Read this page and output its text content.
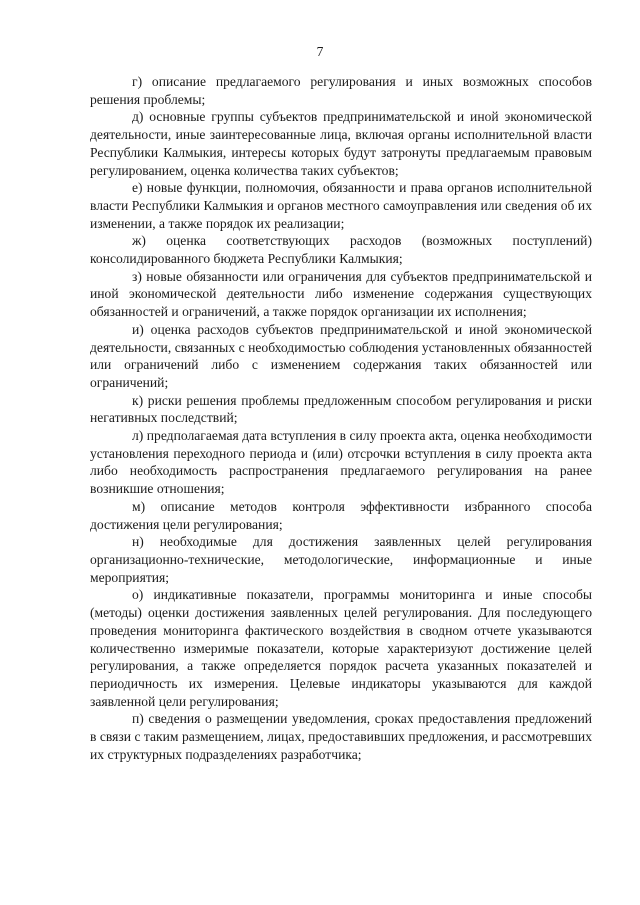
7

г) описание предлагаемого регулирования и иных возможных способов решения проблемы;

д) основные группы субъектов предпринимательской и иной экономической деятельности, иные заинтересованные лица, включая органы исполнительной власти Республики Калмыкия, интересы которых будут затронуты предлагаемым правовым регулированием, оценка количества таких субъектов;

е) новые функции, полномочия, обязанности и права органов исполнительной власти Республики Калмыкия и органов местного самоуправления или сведения об их изменении, а также порядок их реализации;

ж) оценка соответствующих расходов (возможных поступлений) консолидированного бюджета Республики Калмыкия;

з) новые обязанности или ограничения для субъектов предпринимательской и иной экономической деятельности либо изменение содержания существующих обязанностей и ограничений, а также порядок организации их исполнения;

и) оценка расходов субъектов предпринимательской и иной экономической деятельности, связанных с необходимостью соблюдения установленных обязанностей или ограничений либо с изменением содержания таких обязанностей или ограничений;

к) риски решения проблемы предложенным способом регулирования и риски негативных последствий;

л) предполагаемая дата вступления в силу проекта акта, оценка необходимости установления переходного периода и (или) отсрочки вступления в силу проекта акта либо необходимость распространения предлагаемого регулирования на ранее возникшие отношения;

м) описание методов контроля эффективности избранного способа достижения цели регулирования;

н) необходимые для достижения заявленных целей регулирования организационно-технические, методологические, информационные и иные мероприятия;

о) индикативные показатели, программы мониторинга и иные способы (методы) оценки достижения заявленных целей регулирования. Для последующего проведения мониторинга фактического воздействия в сводном отчете указываются количественно измеримые показатели, которые характеризуют достижение целей регулирования, а также определяется порядок расчета указанных показателей и периодичность их измерения. Целевые индикаторы указываются для каждой заявленной цели регулирования;

п) сведения о размещении уведомления, сроках предоставления предложений в связи с таким размещением, лицах, предоставивших предложения, и рассмотревших их структурных подразделениях разработчика;
